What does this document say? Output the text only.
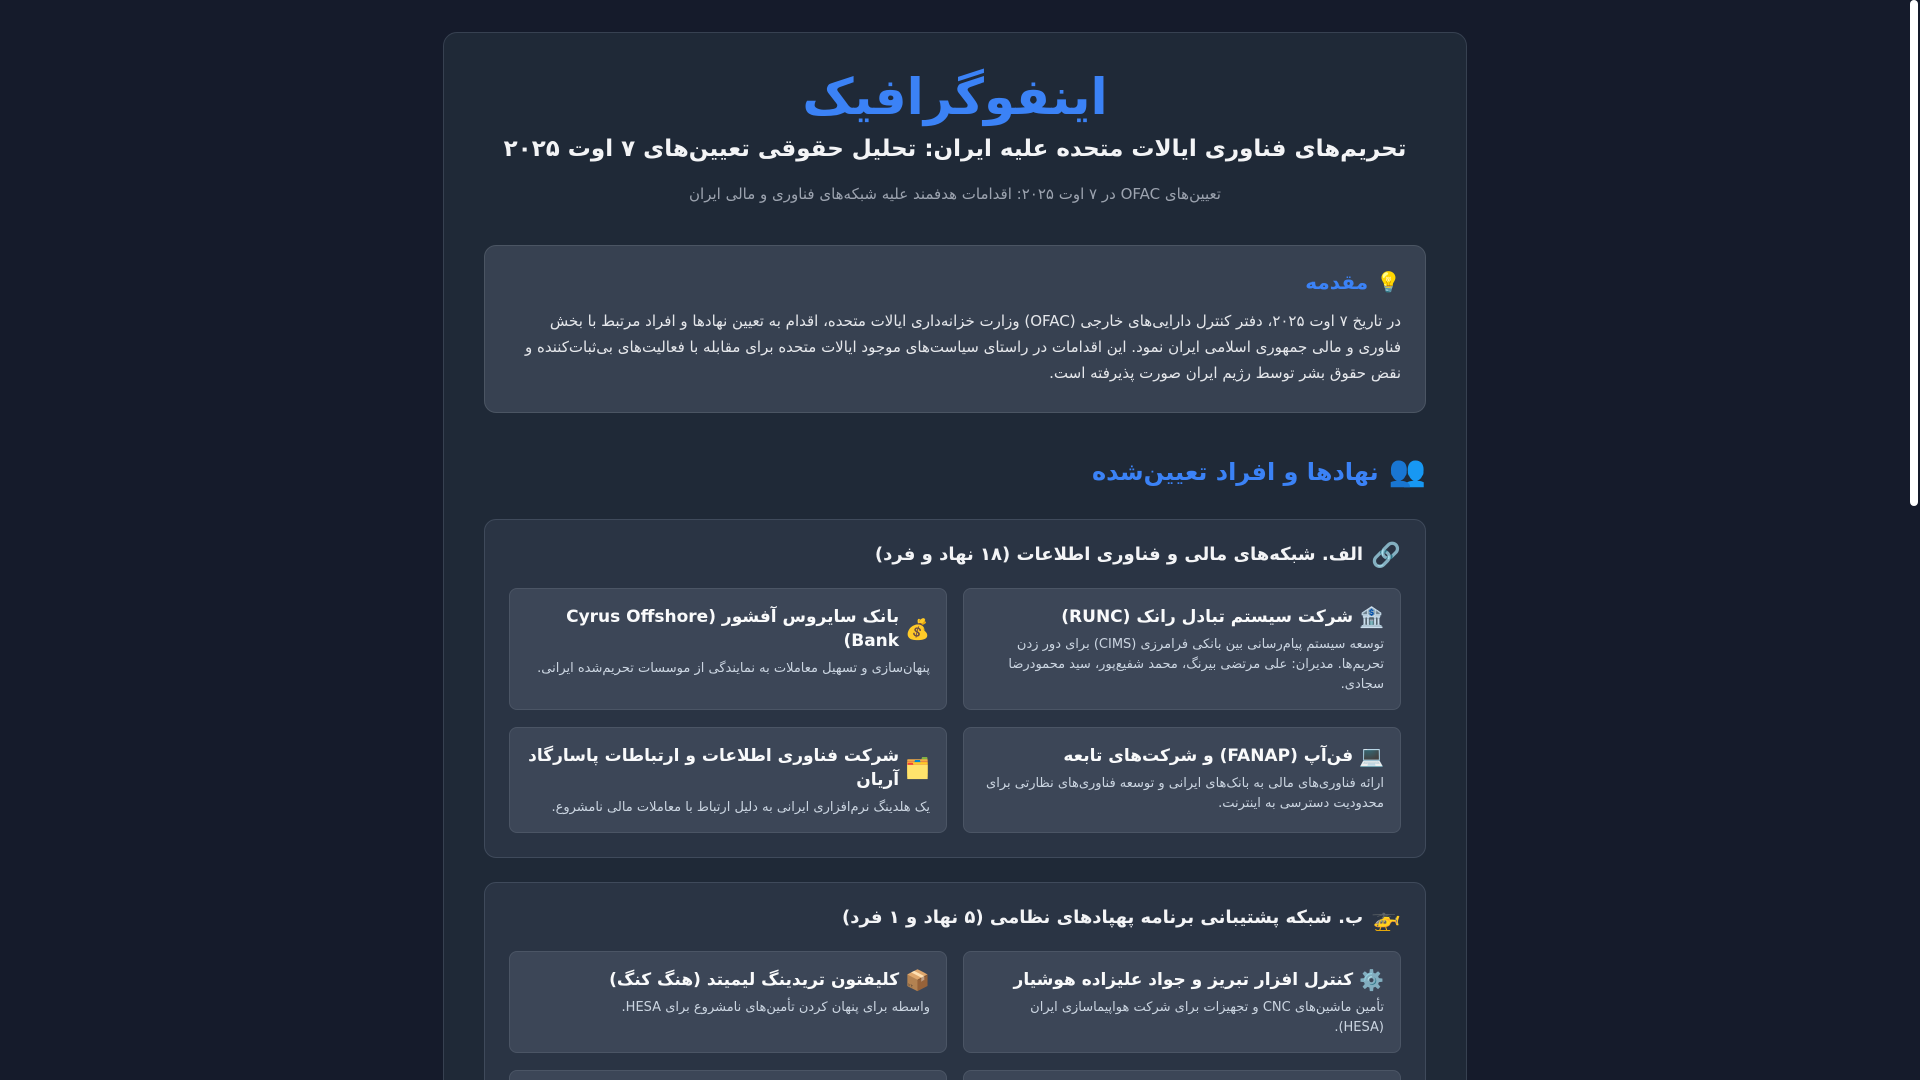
اینفوگرافیک
تحریم‌های فناوری ایالات متحده علیه ایران: تحلیل حقوقی تعیین‌های ۷ اوت ۲۰۲۵

تعیین‌های OFAC در ۷ اوت ۲۰۲۵: اقدامات هدفمند علیه شبکه‌های فناوری و مالی ایران

💡
مقدمه
در تاریخ ۷ اوت ۲۰۲۵، دفتر کنترل دارایی‌های خارجی (OFAC) وزارت خزانه‌داری ایالات متحده، اقدام به تعیین نهادها و افراد مرتبط با بخش فناوری و مالی جمهوری اسلامی ایران نمود. این اقدامات در راستای سیاست‌های موجود ایالات متحده برای مقابله با فعالیت‌های بی‌ثبات‌کننده و نقض حقوق بشر توسط رژیم ایران صورت پذیرفته است.
👥
نهادها و افراد تعیین‌شده
🔗
الف. شبکه‌های مالی و فناوری اطلاعات (۱۸ نهاد و فرد)
🏦
شرکت سیستم تبادل رانک (RUNC)
توسعه سیستم پیام‌رسانی بین بانکی فرامرزی (CIMS) برای دور زدن تحریم‌ها. مدیران: علی مرتضی بیرنگ، محمد شفیع‌پور، سید محمودرضا سجادی.
💰
بانک سایروس آفشور (Cyrus Offshore Bank)
پنهان‌سازی و تسهیل معاملات به نمایندگی از موسسات تحریم‌شده ایرانی.
💻
فن‌آپ (FANAP) و شرکت‌های تابعه
ارائه فناوری‌های مالی به بانک‌های ایرانی و توسعه فناوری‌های نظارتی برای محدودیت دسترسی به اینترنت.
🗂️
شرکت فناوری اطلاعات و ارتباطات پاسارگاد آریان
یک هلدینگ نرم‌افزاری ایرانی به دلیل ارتباط با معاملات مالی نامشروع.
🚁
ب. شبکه پشتیبانی برنامه پهپادهای نظامی (۵ نهاد و ۱ فرد)
⚙️
کنترل افزار تبریز و جواد علیزاده هوشیار
تأمین ماشین‌های CNC و تجهیزات برای شرکت هواپیماسازی ایران (HESA).
📦
کلیفتون تریدینگ لیمیتد (هنگ کنگ)
واسطه برای پنهان کردن تأمین‌های نامشروع برای HESA.
